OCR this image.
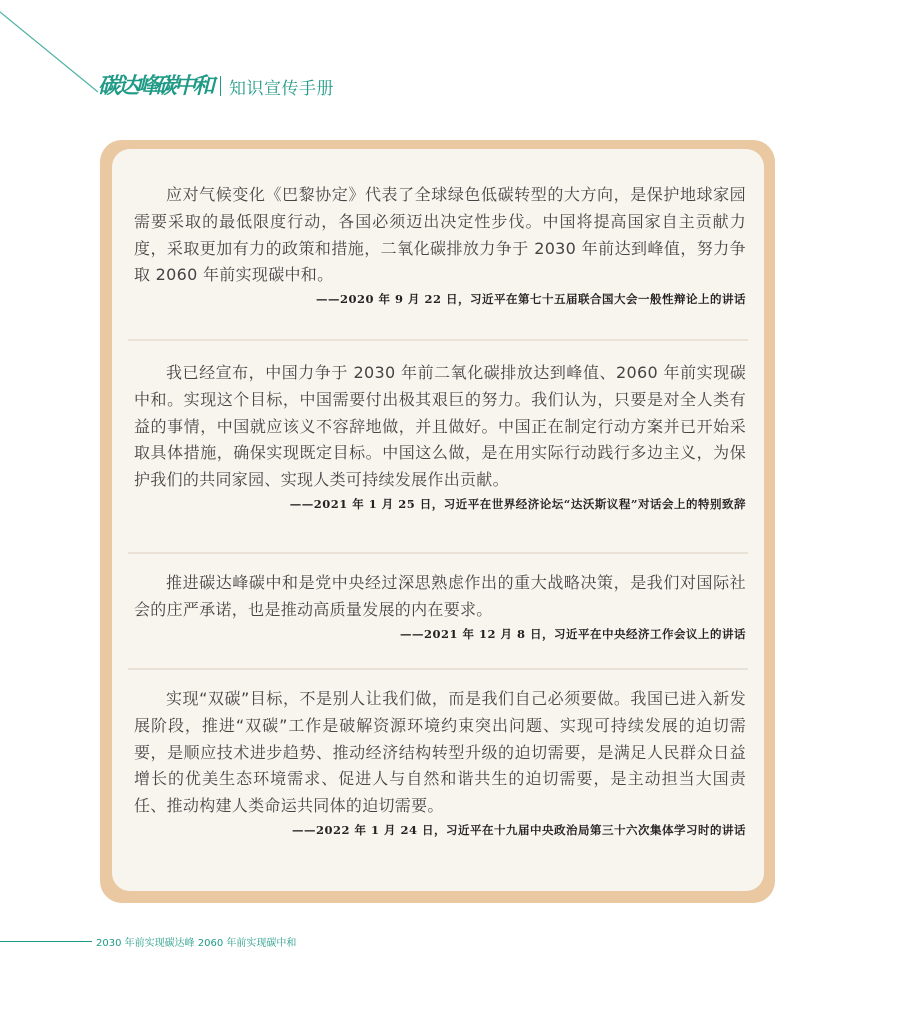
碳达峰碳中和 知识宣传手册

应对气候变化《巴黎协定》代表了全球绿色低碳转型的大方向，是保护地球家园需要采取的最低限度行动，各国必须迈出决定性步伐。中国将提高国家自主贡献力度，采取更加有力的政策和措施，二氧化碳排放力争于 2030 年前达到峰值，努力争取 2060 年前实现碳中和。

——2020 年 9 月 22 日，习近平在第七十五届联合国大会一般性辩论上的讲话

我已经宣布，中国力争于 2030 年前二氧化碳排放达到峰值、2060 年前实现碳中和。实现这个目标，中国需要付出极其艰巨的努力。我们认为，只要是对全人类有益的事情，中国就应该义不容辞地做，并且做好。中国正在制定行动方案并已开始采取具体措施，确保实现既定目标。中国这么做，是在用实际行动践行多边主义，为保护我们的共同家园、实现人类可持续发展作出贡献。

——2021 年 1 月 25 日，习近平在世界经济论坛“达沃斯议程”对话会上的特别致辞

推进碳达峰碳中和是党中央经过深思熟虑作出的重大战略决策，是我们对国际社会的庄严承诺，也是推动高质量发展的内在要求。

——2021 年 12 月 8 日，习近平在中央经济工作会议上的讲话

实现“双碳”目标，不是别人让我们做，而是我们自己必须要做。我国已进入新发展阶段，推进“双碳”工作是破解资源环境约束突出问题、实现可持续发展的迫切需要，是顺应技术进步趋势、推动经济结构转型升级的迫切需要，是满足人民群众日益增长的优美生态环境需求、促进人与自然和谐共生的迫切需要，是主动担当大国责任、推动构建人类命运共同体的迫切需要。

——2022 年 1 月 24 日，习近平在十九届中央政治局第三十六次集体学习时的讲话
2030 年前实现碳达峰 2060 年前实现碳中和
